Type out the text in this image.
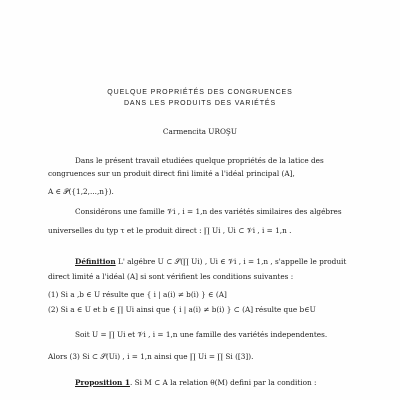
QUELQUE PROPRIÉTÉS DES CONGRUENCES
DANS LES PRODUITS DES VARIÉTÉS
Carmencita UROŞU
Dans le présent travail etudiées quelque propriétés de la latice des
congruences sur un produit direct fini limité a l'idéal principal (A],
A ∈ 𝒫({1,2,...,n}).
Considérons une famille 𝒱i , i = 1,n des variétés similaires des algébres
universelles du typ τ et le produit direct : ∏ Ui , Ui ⊂ 𝒱i , i = 1,n .
Définition L' algébre U ⊂ 𝒮(∏ Ui) , Ui ∈ 𝒱i , i = 1,n , s'appelle le produit
direct limité a l'idéal (A] si sont vérifient les conditions suivantes :
(1) Si a ,b ∈ U résulte que { i | a(i) ≠ b(i) } ∈ (A]
(2) Si a ∈ U et b ∈ ∏ Ui ainsi que { i | a(i) ≠ b(i) } ⊂ (A] résulte que b∈U
Soit U = ∏ Ui et 𝒱i , i = 1,n une famille des variétés independentes.
Alors (3) Si ⊂ 𝒮(Ui) , i = 1,n ainsi que ∏ Ui = ∏ Si ([3]).
Proposition 1. Si M ⊂ A la relation θ(M) defini par la condition :
